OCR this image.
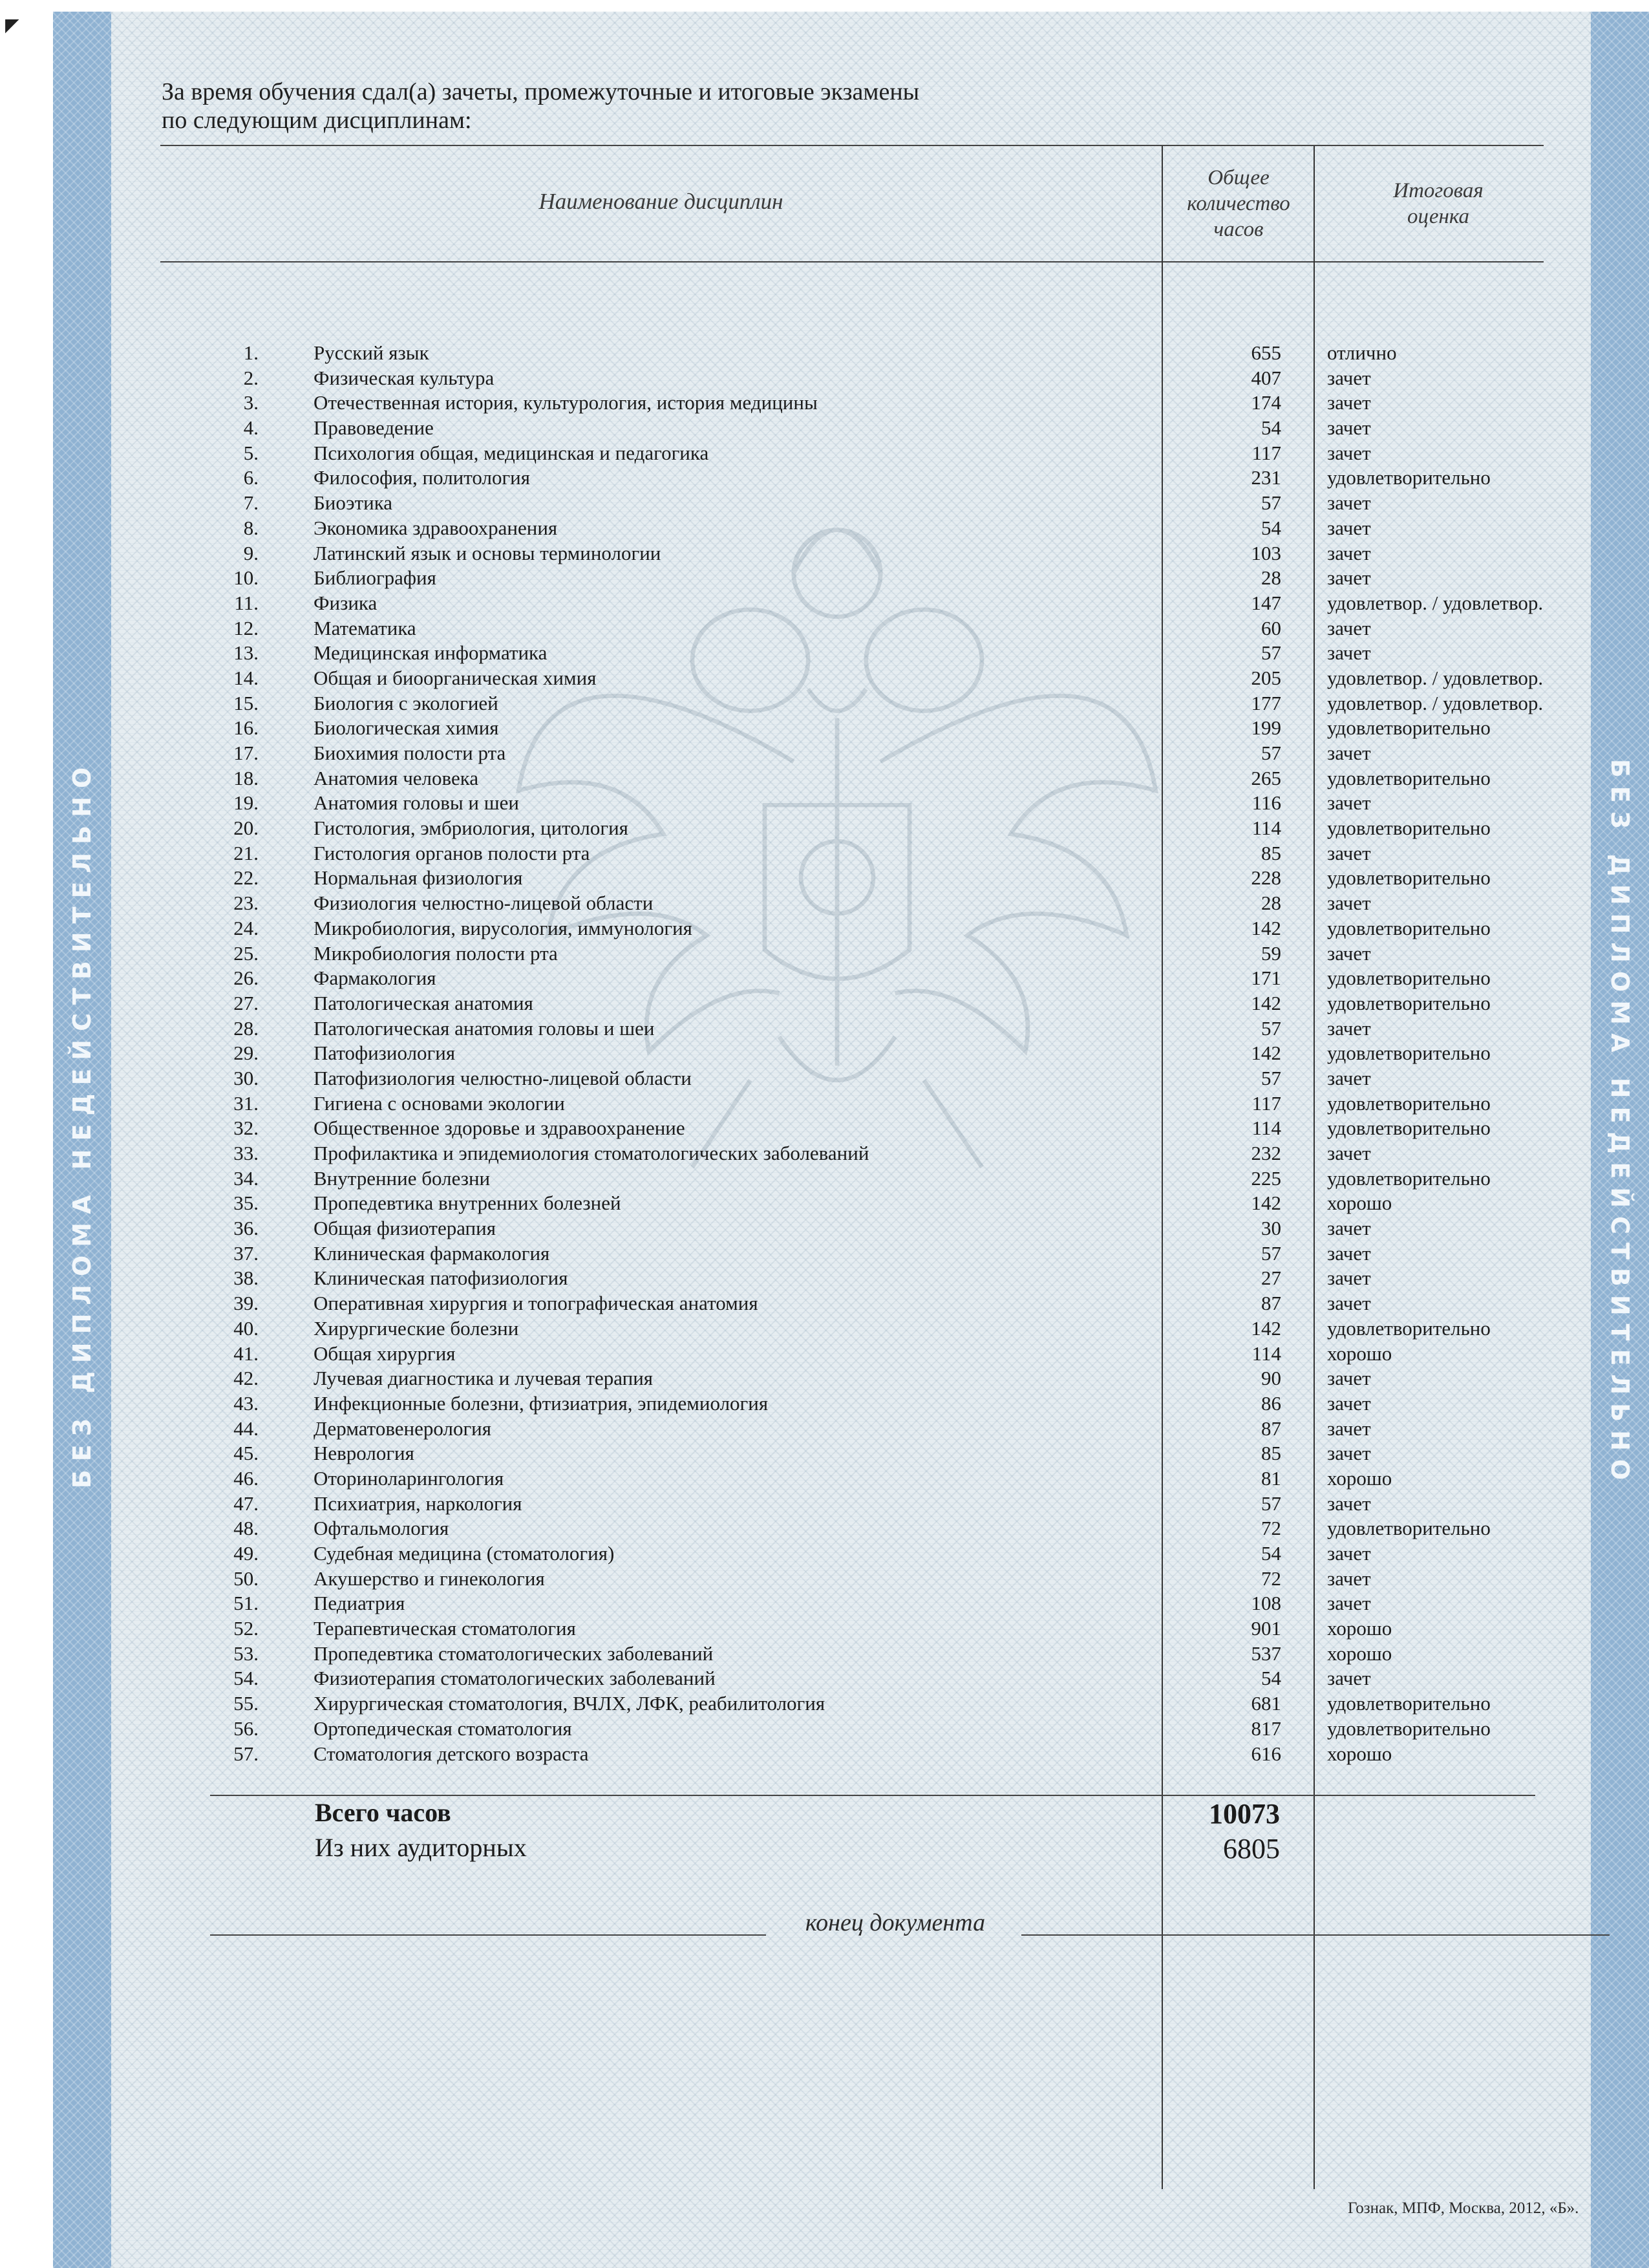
БЕЗ ДИПЛОМА НЕДЕЙСТВИТЕЛЬНО	БЕЗ ДИПЛОМА НЕДЕЙСТВИТЕЛЬНО
◤
За время обучения сдал(а) зачеты, промежуточные и итоговые экзамены
по следующим дисциплинам:
Наименование дисциплин
Общее
количество
часов
Итоговая
оценка
1.	Русский язык	655 отлично
2.	Физическая культура	407 зачет
3.	Отечественная история, культурология, история медицины	174 зачет
4.	Правоведение	54 зачет
5.	Психология общая, медицинская и педагогика	117 зачет
6.	Философия, политология	231 удовлетворительно
7.	Биоэтика	57 зачет
8.	Экономика здравоохранения	54 зачет
9.	Латинский язык и основы терминологии	103 зачет
10.	Библиография	28 зачет
11.	Физика	147 удовлетвор. / удовлетвор.
12.	Математика	60 зачет
13.	Медицинская информатика	57 зачет
14.	Общая и биоорганическая химия	205 удовлетвор. / удовлетвор.
15.	Биология с экологией	177 удовлетвор. / удовлетвор.
16.	Биологическая химия	199 удовлетворительно
17.	Биохимия полости рта	57 зачет
18.	Анатомия человека	265 удовлетворительно
19.	Анатомия головы и шеи	116 зачет
20.	Гистология, эмбриология, цитология	114 удовлетворительно
21.	Гистология органов полости рта	85 зачет
22.	Нормальная физиология	228 удовлетворительно
23.	Физиология челюстно-лицевой области	28 зачет
24.	Микробиология, вирусология, иммунология	142 удовлетворительно
25.	Микробиология полости рта	59 зачет
26.	Фармакология	171 удовлетворительно
27.	Патологическая анатомия	142 удовлетворительно
28.	Патологическая анатомия головы и шеи	57 зачет
29.	Патофизиология	142 удовлетворительно
30.	Патофизиология челюстно-лицевой области	57 зачет
31.	Гигиена с основами экологии	117 удовлетворительно
32.	Общественное здоровье и здравоохранение	114 удовлетворительно
33.	Профилактика и эпидемиология стоматологических заболеваний	232 зачет
34.	Внутренние болезни	225 удовлетворительно
35.	Пропедевтика внутренних болезней	142 хорошо
36.	Общая физиотерапия	30 зачет
37.	Клиническая фармакология	57 зачет
38.	Клиническая патофизиология	27 зачет
39.	Оперативная хирургия и топографическая анатомия	87 зачет
40.	Хирургические болезни	142 удовлетворительно
41.	Общая хирургия	114 хорошо
42.	Лучевая диагностика и лучевая терапия	90 зачет
43.	Инфекционные болезни, фтизиатрия, эпидемиология	86 зачет
44.	Дерматовенерология	87 зачет
45.	Неврология	85 зачет
46.	Оториноларингология	81 хорошо
47.	Психиатрия, наркология	57 зачет
48.	Офтальмология	72 удовлетворительно
49.	Судебная медицина (стоматология)	54 зачет
50.	Акушерство и гинекология	72 зачет
51.	Педиатрия	108 зачет
52.	Терапевтическая стоматология	901 хорошо
53.	Пропедевтика стоматологических заболеваний	537 хорошо
54.	Физиотерапия стоматологических заболеваний	54 зачет
55.	Хирургическая стоматология, ВЧЛХ, ЛФК, реабилитология	681 удовлетворительно
56.	Ортопедическая стоматология	817 удовлетворительно
57.	Стоматология детского возраста	616 хорошо
Всего часов	10073
Из них аудиторных	6805
конец документа
Гознак, МПФ, Москва, 2012, «Б».
